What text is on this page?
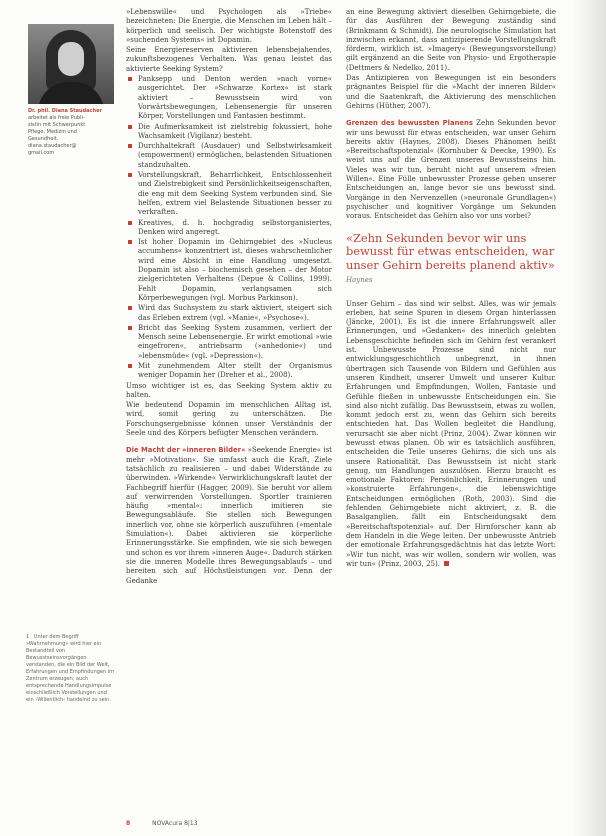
Dr. phil. Diana Staudacher

arbeitet als freie Publi-

zistin mit Schwerpunkt

Pflege, Medizin und

Gesundheit.

diana.staudacher@

gmail.com

1 Unter dem Begriff »Wahrnehmung« wird hier ein Bestandteil von Bewusstseinsvorgängen verstanden, die ein Bild der Welt, Erfahrungen und Empfindungen im Zentrum erzeugen; auch entsprechende Handlungsimpulse einschließlich Vorstellungen und ein ›Willentlich‹ handelnd zu sein.

»Lebenswille« und Psychologen als »Triebe« bezeichneten: Die Energie, die Menschen im Leben hält – körperlich und seelisch. Der wichtigste Botenstoff des »suchenden Systems« ist Dopamin.

Seine Energiereserven aktivieren lebensbejahendes, zukunftsbezogenes Verhalten. Was genau leistet das aktivierte Seeking System?

Panksepp und Denton werden »nach vorne« ausgerichtet. Der »Schwarze Kortex« ist stark aktiviert – Bewusstsein wird von Vorwärtsbewegungen, Lebensenergie für unseren Körper, Vorstellungen und Fantasien bestimmt.
Die Aufmerksamkeit ist zielstrebig fokussiert, hohe Wachsamkeit (Vigilanz) besteht.
Durchhaltekraft (Ausdauer) und Selbstwirksamkeit (empowerment) ermöglichen, belastenden Situationen standzuhalten.
Vorstellungskraft, Beharrlichkeit, Entschlossenheit und Zielstrebigkeit sind Persönlichkeitseigenschaften, die eng mit dem Seeking System verbunden sind. Sie helfen, extrem viel Belastende Situationen besser zu verkraften.
Kreatives, d. h. hochgradig selbstorganisiertes, Denken wird angeregt.
Ist hoher Dopamin im Gehirngebiet des »Nucleus accumbens« konzentriert ist, dieses wahrscheinlicher wird eine Absicht in eine Handlung umgesetzt. Dopamin ist also – biochemisch gesehen – der Motor zielgerichteten Verhaltens (Depue & Collins, 1999). Fehlt Dopamin, verlangsamen sich Körperbewegungen (vgl. Morbus Parkinson).
Wird das Suchsystem zu stark aktiviert, steigert sich das Erleben extrem (vgl. »Manie«, »Psychose«).
Bricht das Seeking System zusammen, verliert der Mensch seine Lebensenergie. Er wirkt emotional »wie eingefroren«, antriebsarm (»anhedonie«) und »lebensmüde« (vgl. »Depression«).
Mit zunehmendem Alter stellt der Organismus weniger Dopamin her (Dreher et al., 2008).

Umso wichtiger ist es, das Seeking System aktiv zu halten.

Wie bedeutend Dopamin im menschlichen Alltag ist, wird, somit gering zu unterschätzen. Die Forschungsergebnisse können unser Verständnis der Seele und des Körpers befügter Menschen verändern.

Die Macht der »inneren Bilder« »Seekende Energie« ist mehr »Motivation«. Sie umfasst auch die Kraft, Ziele tatsächlich zu realisieren – und dabei Widerstände zu überwinden. »Wirkende« Verwirklichungskraft lautet der Fachbegriff hierfür (Hagger, 2009). Sie beruht vor allem auf verwirrenden Vorstellungen. Sportler trainieren häufig »mental«: innerlich imitieren sie Bewegungsabläufe. Sie stellen sich Bewegungen innerlich vor, ohne sie körperlich auszuführen (»mentale Simulation«). Dabei aktivieren sie körperliche Erinnerungsstärke. Sie empfinden, wie sie sich bewegen und schon es vor ihrem »inneren Auge«. Dadurch stärken sie die inneren Modelle ihres Bewegungsablaufs – und bereiten sich auf Höchstleistungen vor. Denn der Gedanke

an eine Bewegung aktiviert dieselben Gehirngebiete, die für das Ausführen der Bewegung zuständig sind (Brinkmann & Schmidt). Die neurologische Simulation hat inzwischen erkannt, dass antizipierende Vorstellungskraft förderm, wirklich ist. »Imagery« (Bewegungsvorstellung) gilt ergänzend an die Seite von Physio- und Ergotherapie (Dettmers & Nedelko, 2011).

Das Antizipieren von Bewegungen ist ein besonders prägnantes Beispiel für die »Macht der inneren Bilder« und die Saatenkraft, die Aktivierung des menschlichen Gehirns (Hüther, 2007).

Grenzen des bewussten Planens Zehn Sekunden bevor wir uns bewusst für etwas entscheiden, war unser Gehirn bereits aktiv (Haynes, 2008). Dieses Phänomen heißt »Bereitschaftspotenzial« (Kornhuber & Deecke, 1990). Es weist uns auf die Grenzen unseres Bewusstseins hin. Vieles was wir tun, beruht nicht auf unserem »freien Willen«. Eine Fülle unbewusster Prozesse gehen unserer Entscheidungen an, lange bevor sie uns bewusst sind. Vorgänge in den Nervenzellen (»neuronale Grundlagen«) psychischer und kognitiver Vorgänge um Sekunden voraus. Entscheidet das Gehirn also vor uns vorbei?

«Zehn Sekunden bevor wir uns bewusst für etwas entscheiden, war unser Gehirn bereits planend aktiv» Haynes

Unser Gehirn – das sind wir selbst. Alles, was wir jemals erleben, hat seine Spuren in diesem Organ hinterlassen (Jäncke, 2001). Es ist die innere Erfahrungswelt aller Erinnerungen, und »Gedanken« des innerlich gelebten Lebensgeschichte befinden sich im Gehirn fest verankert ist. Unbewusste Prozesse sind nicht nur entwicklungsgeschichtlich unbegrenzt, in ihnen übertragen sich Tausende von Bildern und Gefühlen aus unseren Kindheit, unserer Umwelt und unserer Kultur. Erfahrungen und Empfindungen, Wollen, Fantasie und Gefühle fließen in unbewusste Entscheidungen ein. Sie sind also nicht zufällig. Das Bewusstsein, etwas zu wollen, kommt jedoch erst zu, wenn das Gehirn sich bereits entschieden hat. Das Wollen begleitet die Handlung, verursacht sie aber nicht (Prinz, 2004). Zwar können wir bewusst etwas planen. Ob wir es tatsächlich ausführen, entscheiden die Teile unseres Gehirns, die sich uns als unsere Rationalität. Das Bewusstsein ist nicht stark genug, um Handlungen auszulösen. Hierzu braucht es emotionale Faktoren: Persönlichkeit, Erinnerungen und »konstruierte Erfahrungen«, die lebenswichtige Entscheidungen ermöglichen (Roth, 2003). Sind die fehlenden Gehirngebiete nicht aktiviert, z. B. die Basalganglien, fällt ein Entscheidungsakt dem »Bereitschaftspotenzial« auf. Der Hirnforscher kann ab dem Handeln in die Wege leiten. Der unbewusste Antrieb der emotionale Erfahrungsgedächtnis hat das letzte Wort: »Wir tun nicht, was wir wollen, sondern wir wollen, was wir tun« (Prinz, 2003, 25).

8	NOVAcura 8|13
